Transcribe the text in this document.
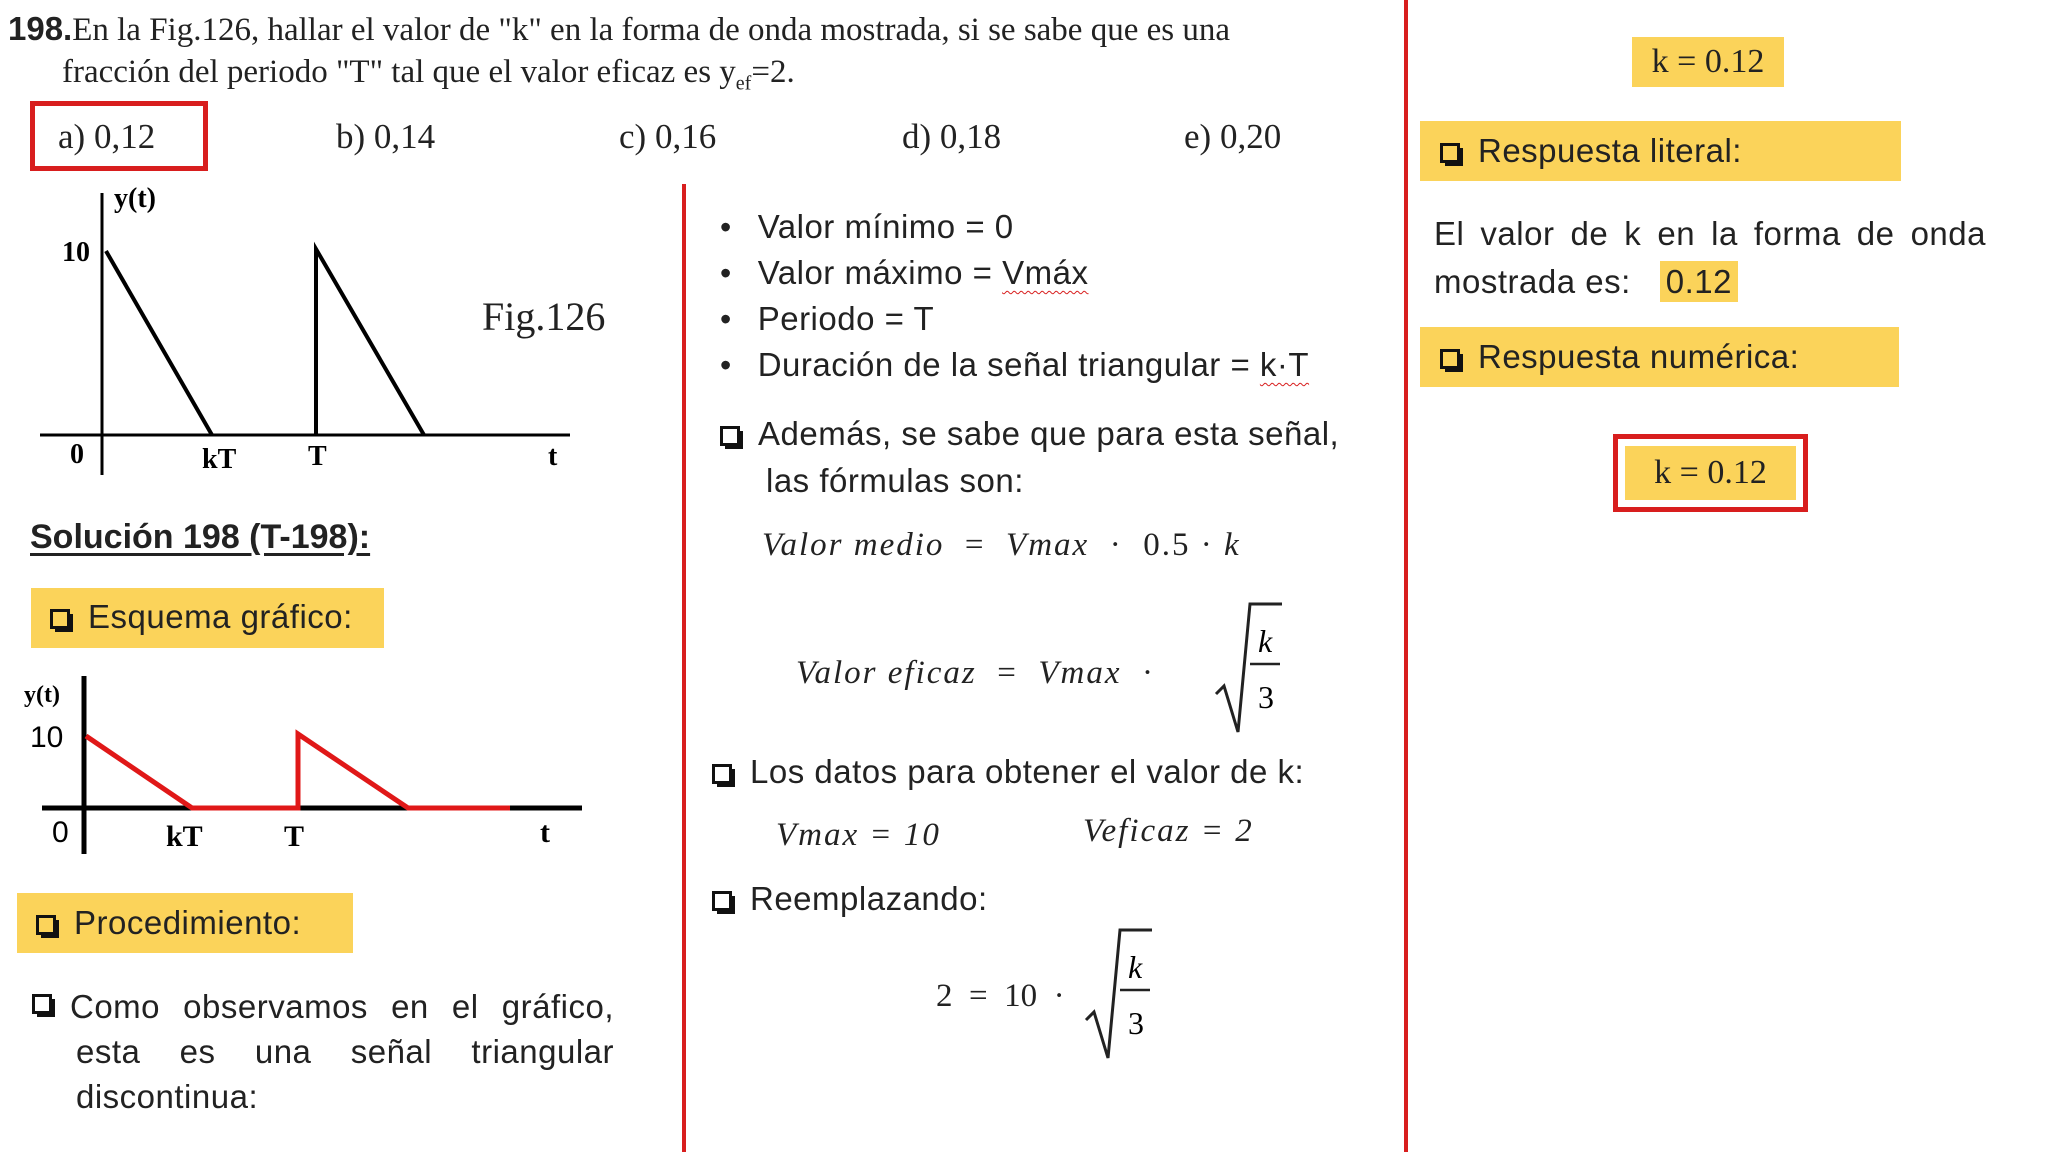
198.En la Fig.126, hallar el valor de "k" en la forma de onda mostrada, si se sabe que es una
fracción del periodo "T" tal que el valor eficaz es $y_{ef}=2$.
a) 0,12	b) 0,14	c) 0,16	d) 0,18	e) 0,20
y(t)
10
0	kT	T	t
Fig.126
Solución 198 (T-198):
Esquema gráfico:
y(t)
10
0	kT	T	t
Procedimiento:
Como observamos en el gráfico,
esta es una señal triangular
discontinua:
• Valor mínimo = 0
• Valor máximo = Vmáx
• Periodo = T
• Duración de la señal triangular = k·T
Además, se sabe que para esta señal,
las fórmulas son:
Valor medio = Vmax · 0.5 · k
Valor eficaz = Vmax ·
k
3
Los datos para obtener el valor de k:
Vmax = 10	Veficaz = 2
Reemplazando:
2 = 10 ·
k
3
k = 0.12
Respuesta literal:
El valor de k en la forma de onda
mostrada es: 0.12
Respuesta numérica:
k = 0.12
